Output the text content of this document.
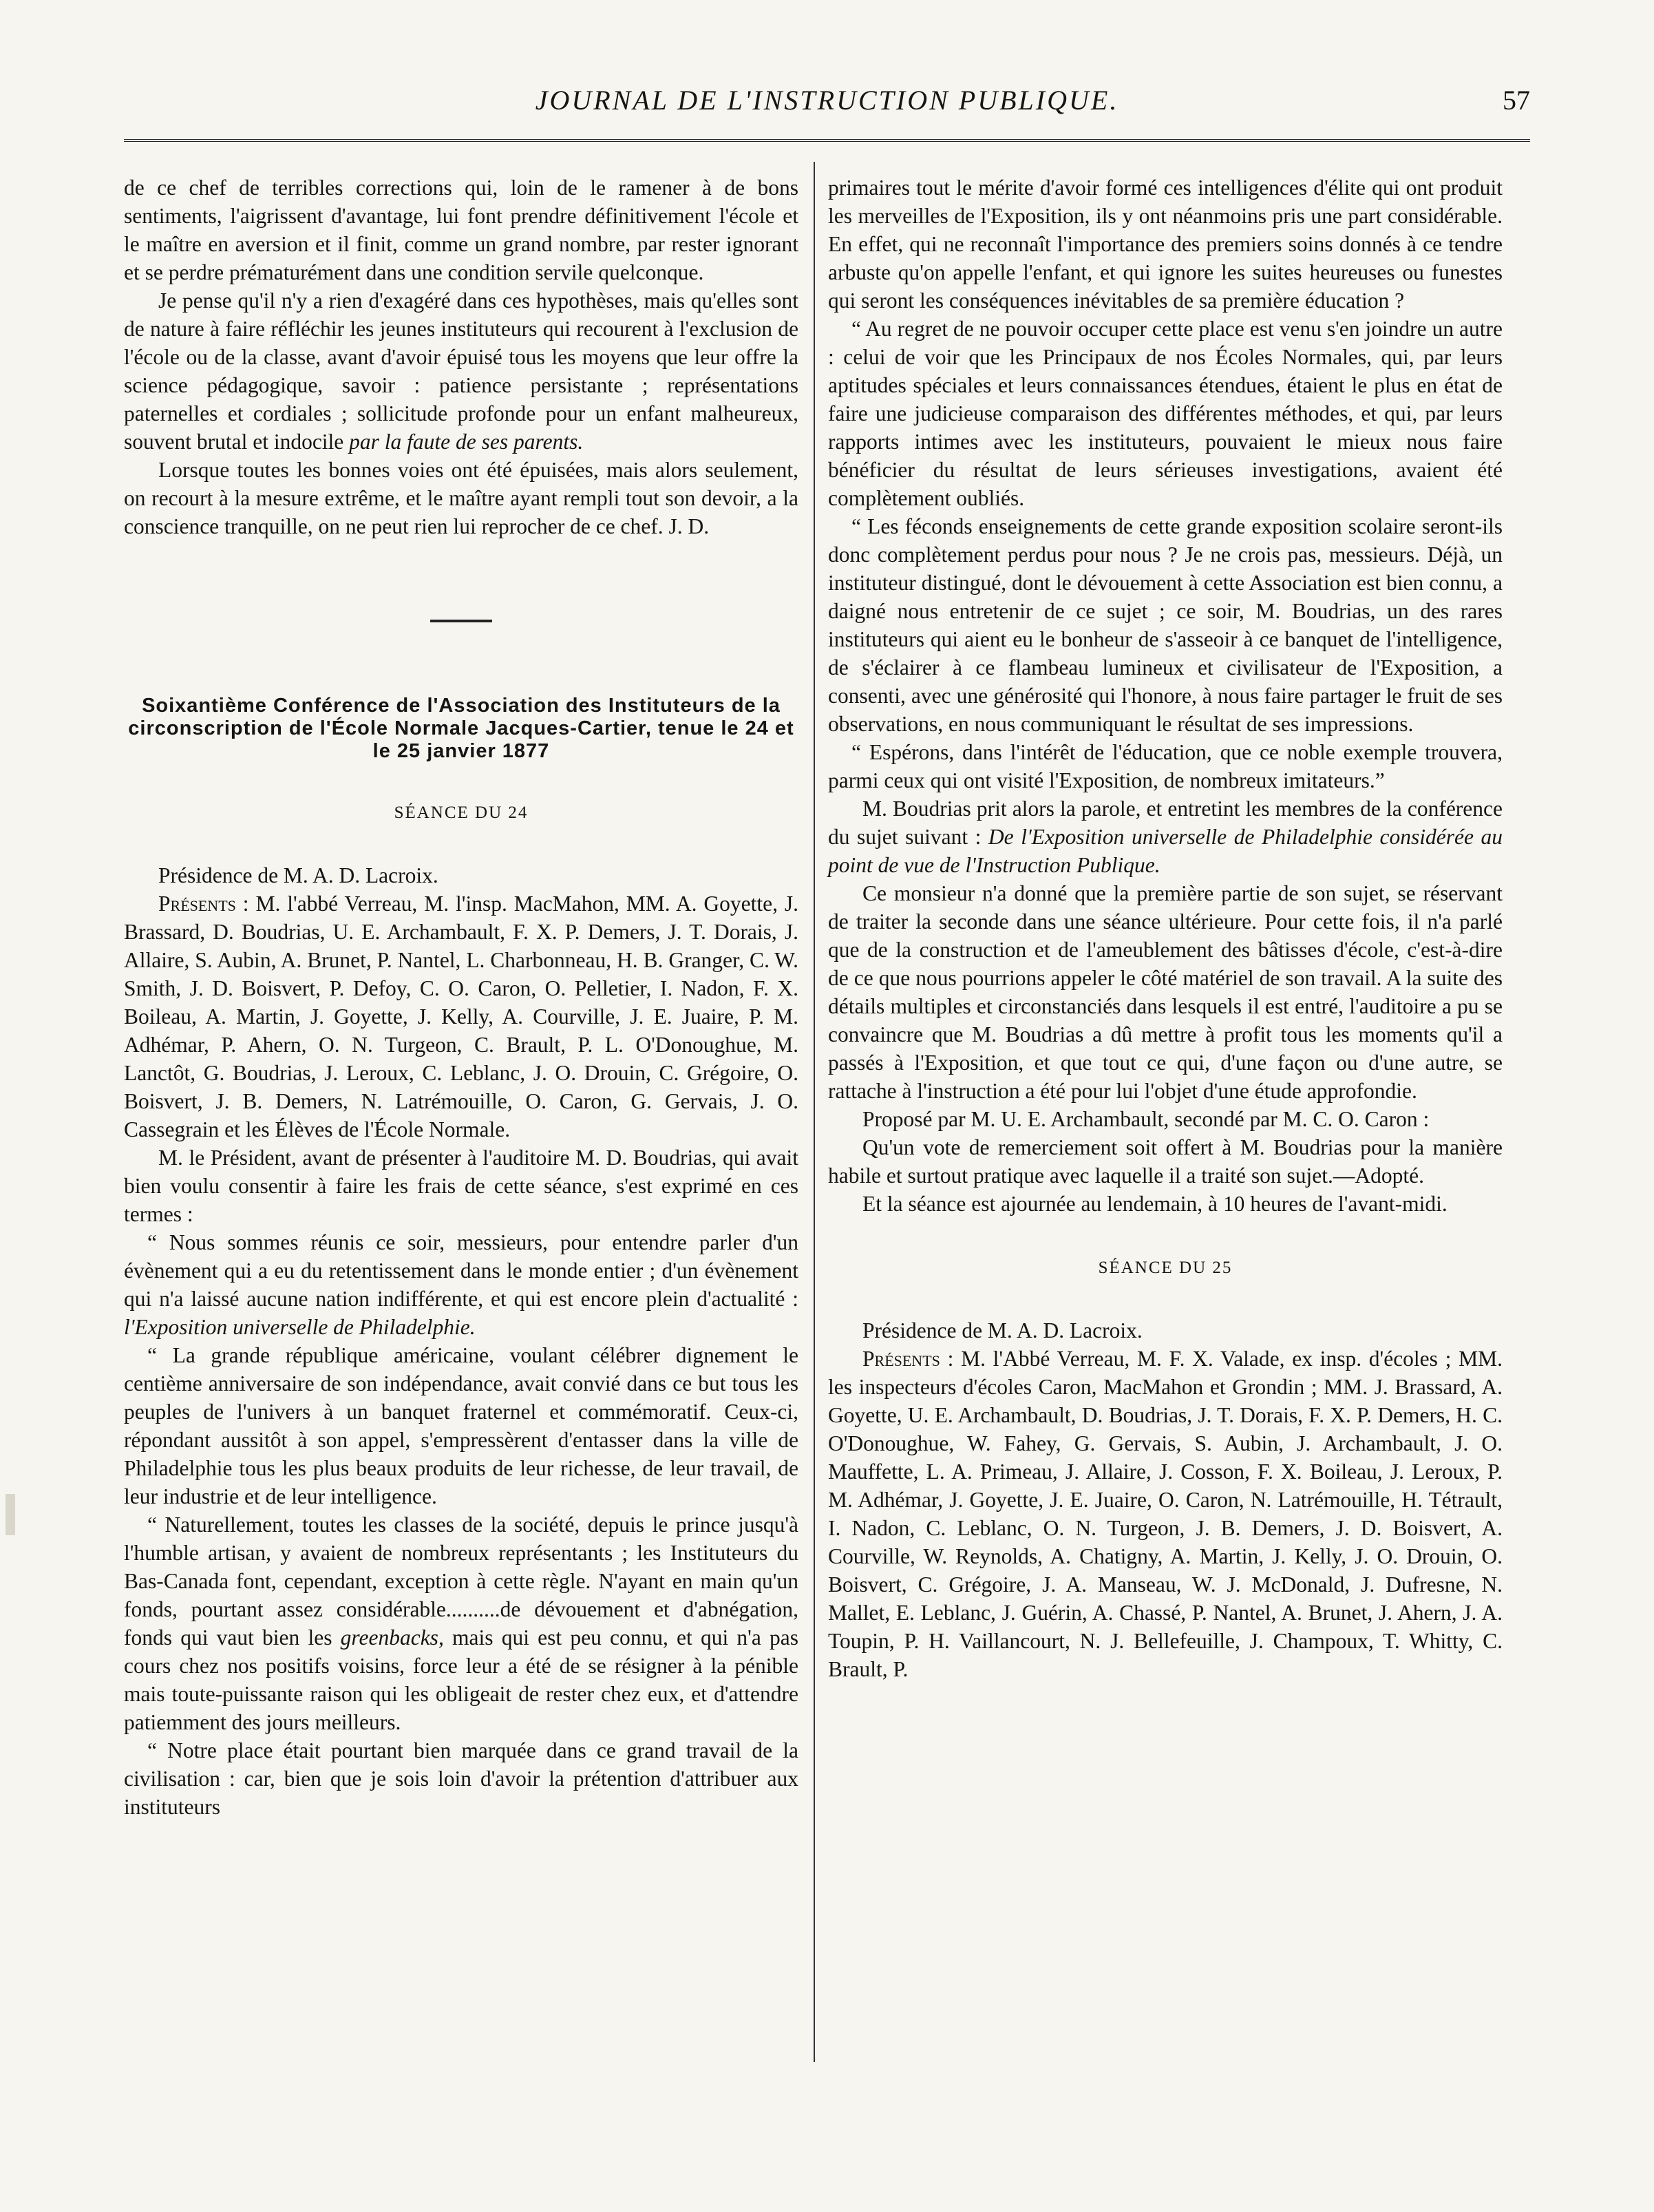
JOURNAL DE L'INSTRUCTION PUBLIQUE.	57

de ce chef de terribles corrections qui, loin de le ramener à de bons sentiments, l'aigrissent d'avantage, lui font prendre définitivement l'école et le maître en aversion et il finit, comme un grand nombre, par rester ignorant et se perdre prématurément dans une condition servile quelconque.

Je pense qu'il n'y a rien d'exagéré dans ces hypothèses, mais qu'elles sont de nature à faire réfléchir les jeunes instituteurs qui recourent à l'exclusion de l'école ou de la classe, avant d'avoir épuisé tous les moyens que leur offre la science pédagogique, savoir : patience persistante ; représentations paternelles et cordiales ; sollicitude profonde pour un enfant malheureux, souvent brutal et indocile par la faute de ses parents.

Lorsque toutes les bonnes voies ont été épuisées, mais alors seulement, on recourt à la mesure extrême, et le maître ayant rempli tout son devoir, a la conscience tranquille, on ne peut rien lui reprocher de ce chef. J. D.

Soixantième Conférence de l'Association des Instituteurs de la circonscription de l'École Normale Jacques-Cartier, tenue le 24 et le 25 janvier 1877

SÉANCE DU 24

Présidence de M. A. D. Lacroix.

Présents : M. l'abbé Verreau, M. l'insp. MacMahon, MM. A. Goyette, J. Brassard, D. Boudrias, U. E. Archambault, F. X. P. Demers, J. T. Dorais, J. Allaire, S. Aubin, A. Brunet, P. Nantel, L. Charbonneau, H. B. Granger, C. W. Smith, J. D. Boisvert, P. Defoy, C. O. Caron, O. Pelletier, I. Nadon, F. X. Boileau, A. Martin, J. Goyette, J. Kelly, A. Courville, J. E. Juaire, P. M. Adhémar, P. Ahern, O. N. Turgeon, C. Brault, P. L. O'Donoughue, M. Lanctôt, G. Boudrias, J. Leroux, C. Leblanc, J. O. Drouin, C. Grégoire, O. Boisvert, J. B. Demers, N. Latrémouille, O. Caron, G. Gervais, J. O. Cassegrain et les Élèves de l'École Normale.

M. le Président, avant de présenter à l'auditoire M. D. Boudrias, qui avait bien voulu consentir à faire les frais de cette séance, s'est exprimé en ces termes :

“ Nous sommes réunis ce soir, messieurs, pour entendre parler d'un évènement qui a eu du retentissement dans le monde entier ; d'un évènement qui n'a laissé aucune nation indifférente, et qui est encore plein d'actualité : l'Exposition universelle de Philadelphie.

“ La grande république américaine, voulant célébrer dignement le centième anniversaire de son indépendance, avait convié dans ce but tous les peuples de l'univers à un banquet fraternel et commémoratif. Ceux-ci, répondant aussitôt à son appel, s'empressèrent d'entasser dans la ville de Philadelphie tous les plus beaux produits de leur richesse, de leur travail, de leur industrie et de leur intelligence.

“ Naturellement, toutes les classes de la société, depuis le prince jusqu'à l'humble artisan, y avaient de nombreux représentants ; les Instituteurs du Bas-Canada font, cependant, exception à cette règle. N'ayant en main qu'un fonds, pourtant assez considérable..........de dévouement et d'abnégation, fonds qui vaut bien les greenbacks, mais qui est peu connu, et qui n'a pas cours chez nos positifs voisins, force leur a été de se résigner à la pénible mais toute-puissante raison qui les obligeait de rester chez eux, et d'attendre patiemment des jours meilleurs.

“ Notre place était pourtant bien marquée dans ce grand travail de la civilisation : car, bien que je sois loin d'avoir la prétention d'attribuer aux instituteurs

primaires tout le mérite d'avoir formé ces intelligences d'élite qui ont produit les merveilles de l'Exposition, ils y ont néanmoins pris une part considérable. En effet, qui ne reconnaît l'importance des premiers soins donnés à ce tendre arbuste qu'on appelle l'enfant, et qui ignore les suites heureuses ou funestes qui seront les conséquences inévitables de sa première éducation ?

“ Au regret de ne pouvoir occuper cette place est venu s'en joindre un autre : celui de voir que les Principaux de nos Écoles Normales, qui, par leurs aptitudes spéciales et leurs connaissances étendues, étaient le plus en état de faire une judicieuse comparaison des différentes méthodes, et qui, par leurs rapports intimes avec les instituteurs, pouvaient le mieux nous faire bénéficier du résultat de leurs sérieuses investigations, avaient été complètement oubliés.

“ Les féconds enseignements de cette grande exposition scolaire seront-ils donc complètement perdus pour nous ? Je ne crois pas, messieurs. Déjà, un instituteur distingué, dont le dévouement à cette Association est bien connu, a daigné nous entretenir de ce sujet ; ce soir, M. Boudrias, un des rares instituteurs qui aient eu le bonheur de s'asseoir à ce banquet de l'intelligence, de s'éclairer à ce flambeau lumineux et civilisateur de l'Exposition, a consenti, avec une générosité qui l'honore, à nous faire partager le fruit de ses observations, en nous communiquant le résultat de ses impressions.

“ Espérons, dans l'intérêt de l'éducation, que ce noble exemple trouvera, parmi ceux qui ont visité l'Exposition, de nombreux imitateurs.”

M. Boudrias prit alors la parole, et entretint les membres de la conférence du sujet suivant : De l'Exposition universelle de Philadelphie considérée au point de vue de l'Instruction Publique.

Ce monsieur n'a donné que la première partie de son sujet, se réservant de traiter la seconde dans une séance ultérieure. Pour cette fois, il n'a parlé que de la construction et de l'ameublement des bâtisses d'école, c'est-à-dire de ce que nous pourrions appeler le côté matériel de son travail. A la suite des détails multiples et circonstanciés dans lesquels il est entré, l'auditoire a pu se convaincre que M. Boudrias a dû mettre à profit tous les moments qu'il a passés à l'Exposition, et que tout ce qui, d'une façon ou d'une autre, se rattache à l'instruction a été pour lui l'objet d'une étude approfondie.

Proposé par M. U. E. Archambault, secondé par M. C. O. Caron :

Qu'un vote de remerciement soit offert à M. Boudrias pour la manière habile et surtout pratique avec laquelle il a traité son sujet.—Adopté.

Et la séance est ajournée au lendemain, à 10 heures de l'avant-midi.

SÉANCE DU 25

Présidence de M. A. D. Lacroix.

Présents : M. l'Abbé Verreau, M. F. X. Valade, ex insp. d'écoles ; MM. les inspecteurs d'écoles Caron, MacMahon et Grondin ; MM. J. Brassard, A. Goyette, U. E. Archambault, D. Boudrias, J. T. Dorais, F. X. P. Demers, H. C. O'Donoughue, W. Fahey, G. Gervais, S. Aubin, J. Archambault, J. O. Mauffette, L. A. Primeau, J. Allaire, J. Cosson, F. X. Boileau, J. Leroux, P. M. Adhémar, J. Goyette, J. E. Juaire, O. Caron, N. Latrémouille, H. Tétrault, I. Nadon, C. Leblanc, O. N. Turgeon, J. B. Demers, J. D. Boisvert, A. Courville, W. Reynolds, A. Chatigny, A. Martin, J. Kelly, J. O. Drouin, O. Boisvert, C. Grégoire, J. A. Manseau, W. J. McDonald, J. Dufresne, N. Mallet, E. Leblanc, J. Guérin, A. Chassé, P. Nantel, A. Brunet, J. Ahern, J. A. Toupin, P. H. Vaillancourt, N. J. Bellefeuille, J. Champoux, T. Whitty, C. Brault, P.
